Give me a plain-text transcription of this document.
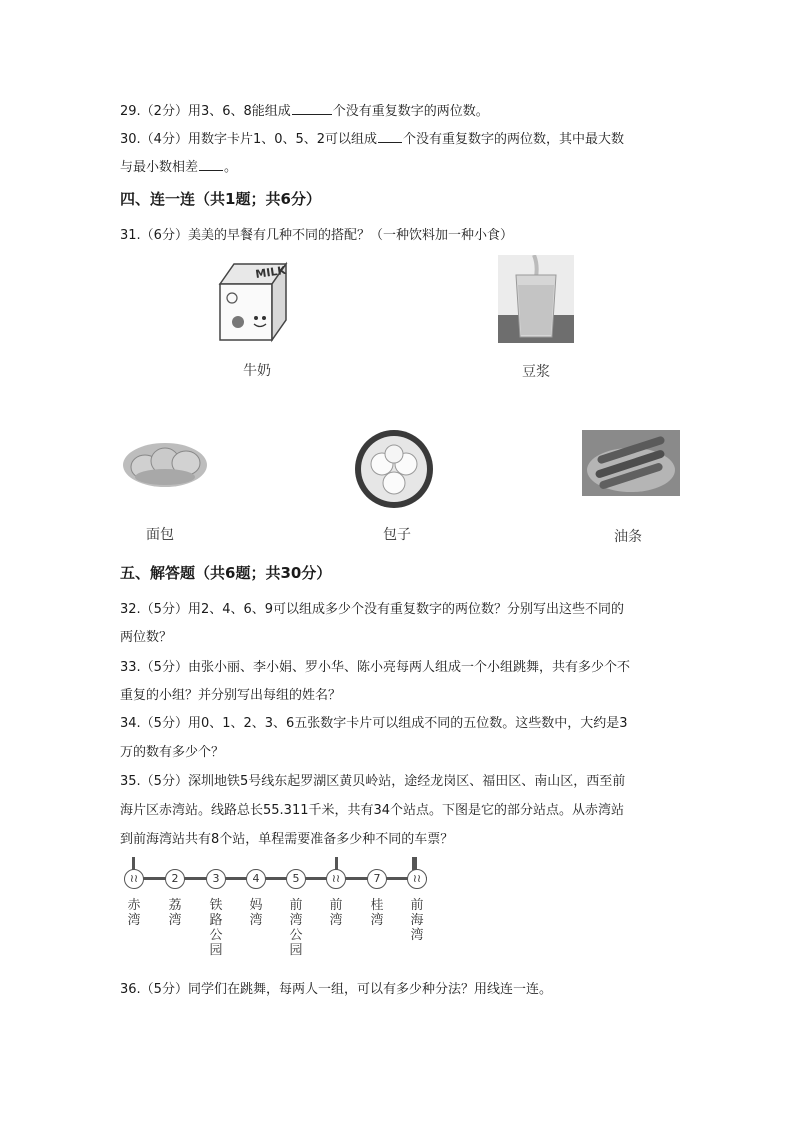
29.（2分）用3、6、8能组成	个没有重复数字的两位数。
30.（4分）用数字卡片1、0、5、2可以组成 个没有重复数字的两位数，其中最大数
与最小数相差 。
四、连一连（共1题；共6分）
31.（6分）美美的早餐有几种不同的搭配？（一种饮料加一种小食）
MILK
牛奶	豆浆
面包	包子	油条
五、解答题（共6题；共30分）
32.（5分）用2、4、6、9可以组成多少个没有重复数字的两位数？分别写出这些不同的
两位数？
33.（5分）由张小丽、李小娟、罗小华、陈小亮每两人组成一个小组跳舞，共有多少个不
重复的小组？并分别写出每组的姓名？
34.（5分）用0、1、2、3、6五张数字卡片可以组成不同的五位数。这些数中，大约是3
万的数有多少个？
35.（5分）深圳地铁5号线东起罗湖区黄贝岭站，途经龙岗区、福田区、南山区，西至前
海片区赤湾站。线路总长55.311千米，共有34个站点。下图是它的部分站点。从赤湾站
到前海湾站共有8个站，单程需要准备多少种不同的车票？
≀≀	2	3	4	5	≀≀	7	≀≀
赤湾
荔湾
铁路公园
妈湾
前湾公园
前湾
桂湾
前海湾
36.（5分）同学们在跳舞，每两人一组，可以有多少种分法？用线连一连。
